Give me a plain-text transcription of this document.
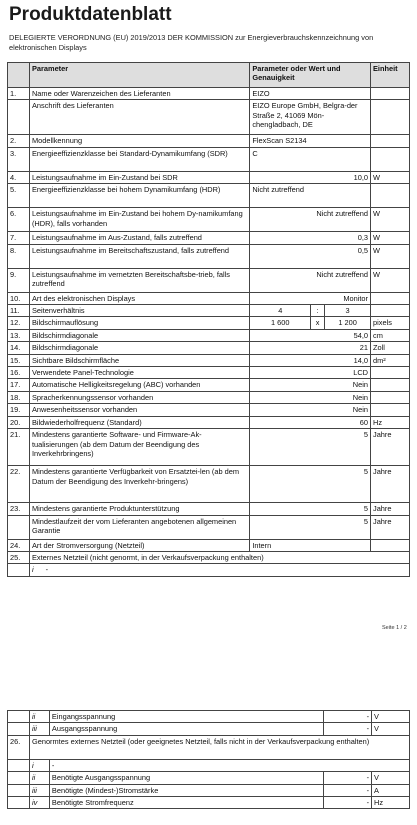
Produktdatenblatt
DELEGIERTE VERORDNUNG (EU) 2019/2013 DER KOMMISSION zur Energieverbrauchskennzeichnung von elektronischen Displays
	Parameter	Parameter oder Wert und Genauigkeit			Einheit
1.	Name oder Warenzeichen des Lieferanten	EIZO			
	Anschrift des Lieferanten	EIZO Europe GmbH, Belgra-der Straße 2, 41069 Mön-chengladbach, DE			
2.	Modellkennung	FlexScan S2134			
3.	Energieeffizienzklasse bei Standard-Dynamikumfang (SDR)	C			
4.	Leistungsaufnahme im Ein-Zustand bei SDR	10,0			W
5.	Energieeffizienzklasse bei hohem Dynamikumfang (HDR)	Nicht zutreffend			
6.	Leistungsaufnahme im Ein-Zustand bei hohem Dy-namikumfang (HDR), falls vorhanden	Nicht zutreffend			W
7.	Leistungsaufnahme im Aus-Zustand, falls zutreffend	0,3			W
8.	Leistungsaufnahme im Bereitschaftszustand, falls zutreffend	0,5			W
9.	Leistungsaufnahme im vernetzten Bereitschaftsbe-trieb, falls zutreffend	Nicht zutreffend			W
10.	Art des elektronischen Displays	Monitor			
11.	Seitenverhältnis	4	:	3	
12.	Bildschirmauflösung	1 600	x	1 200	pixels
13.	Bildschirmdiagonale	54,0			cm
14.	Bildschirmdiagonale	21			Zoll
15.	Sichtbare Bildschirmfläche	14,0			dm²
16.	Verwendete Panel-Technologie	LCD			
17.	Automatische Helligkeitsregelung (ABC) vorhanden	Nein			
18.	Spracherkennungssensor vorhanden	Nein			
19.	Anwesenheitssensor vorhanden	Nein			
20.	Bildwiederholfrequenz (Standard)	60			Hz
21.	Mindestens garantierte Software- und Firmware-Ak-tualisierungen (ab dem Datum der Beendigung des Inverkehrbringens)	5			Jahre
22.	Mindestens garantierte Verfügbarkeit von Ersatztei-len (ab dem Datum der Beendigung des Inverkehr-bringens)	5			Jahre
23.	Mindestens garantierte Produktunterstützung	5			Jahre
	Mindestlaufzeit der vom Lieferanten angebotenen allgemeinen Garantie	5			Jahre
24.	Art der Stromversorgung (Netzteil)	Intern			
25.	Externes Netzteil (nicht genormt, in der Verkaufsverpackung enthalten)				
	i -				
Seite 1 / 2
	ii	Eingangsspannung	-	V
	iii	Ausgangsspannung	-	V
26.	Genormtes externes Netzteil (oder geeignetes Netzteil, falls nicht in der Verkaufsverpackung enthalten)			
	i	-		
	ii	Benötigte Ausgangsspannung	-	V
	iii	Benötigte (Mindest-)Stromstärke	-	A
	iv	Benötigte Stromfrequenz	-	Hz
